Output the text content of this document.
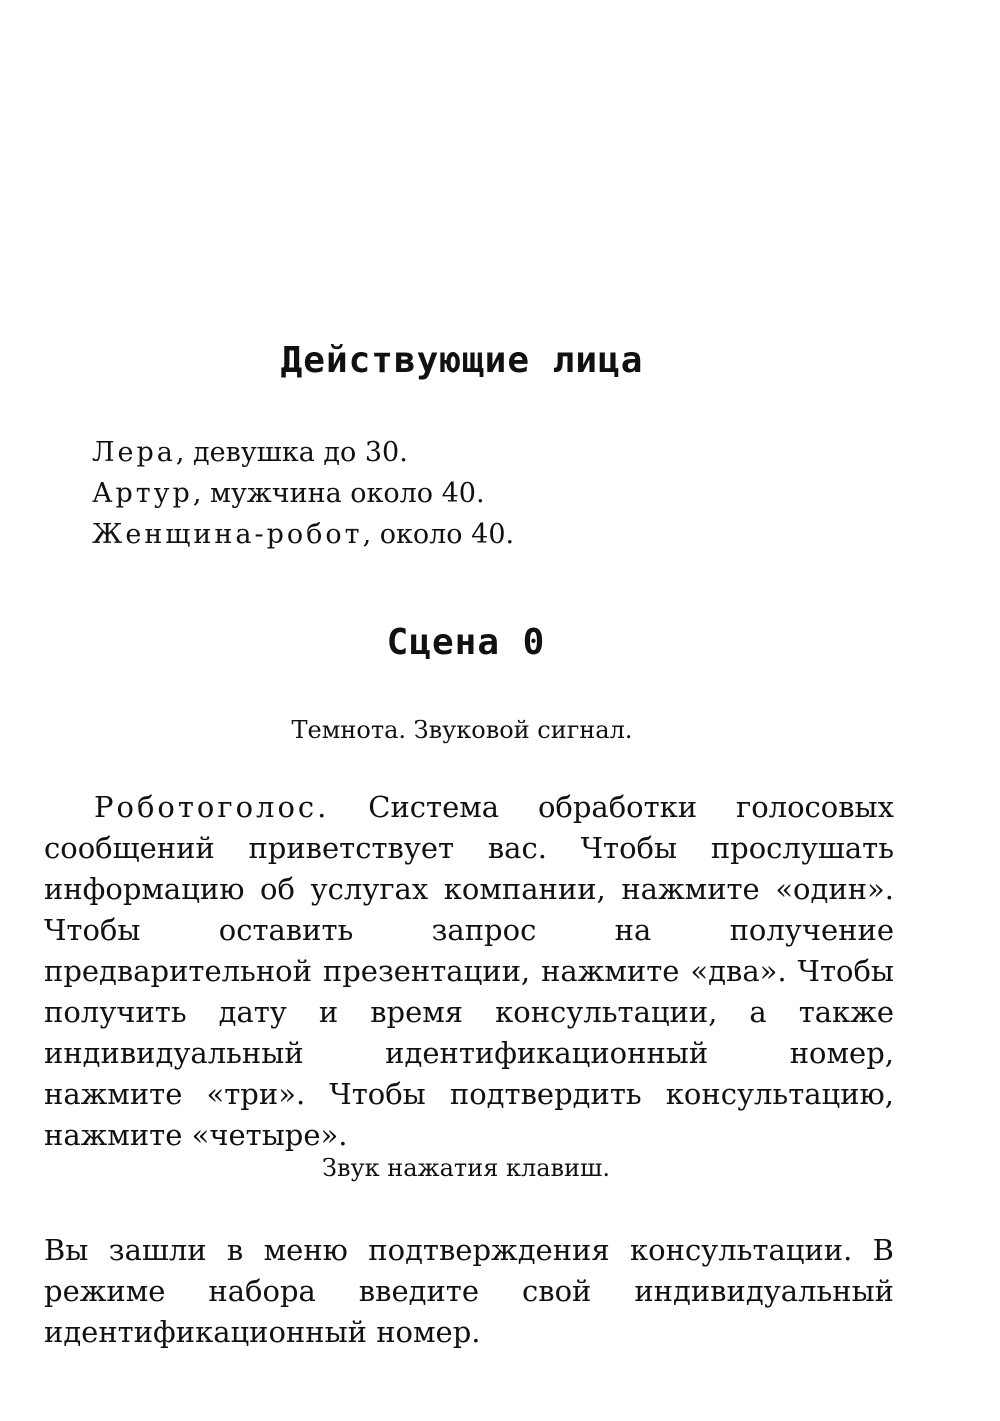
Действующие лица
Лера, девушка до 30.
Артур, мужчина около 40.
Женщина-робот, около 40.
Сцена 0

Темнота. Звуковой сигнал.

Роботоголос. Система обработки голосовых сообщений приветствует вас. Чтобы прослушать информацию об услугах компании, нажмите «один». Чтобы оставить запрос на получение предварительной презентации, нажмите «два». Чтобы получить дату и время консультации, а также индивидуальный идентификационный номер, нажмите «три». Чтобы подтвердить консультацию, нажмите «четыре».

Звук нажатия клавиш.

Вы зашли в меню подтверждения консультации. В режиме набора введите свой индивидуальный идентификационный номер.
